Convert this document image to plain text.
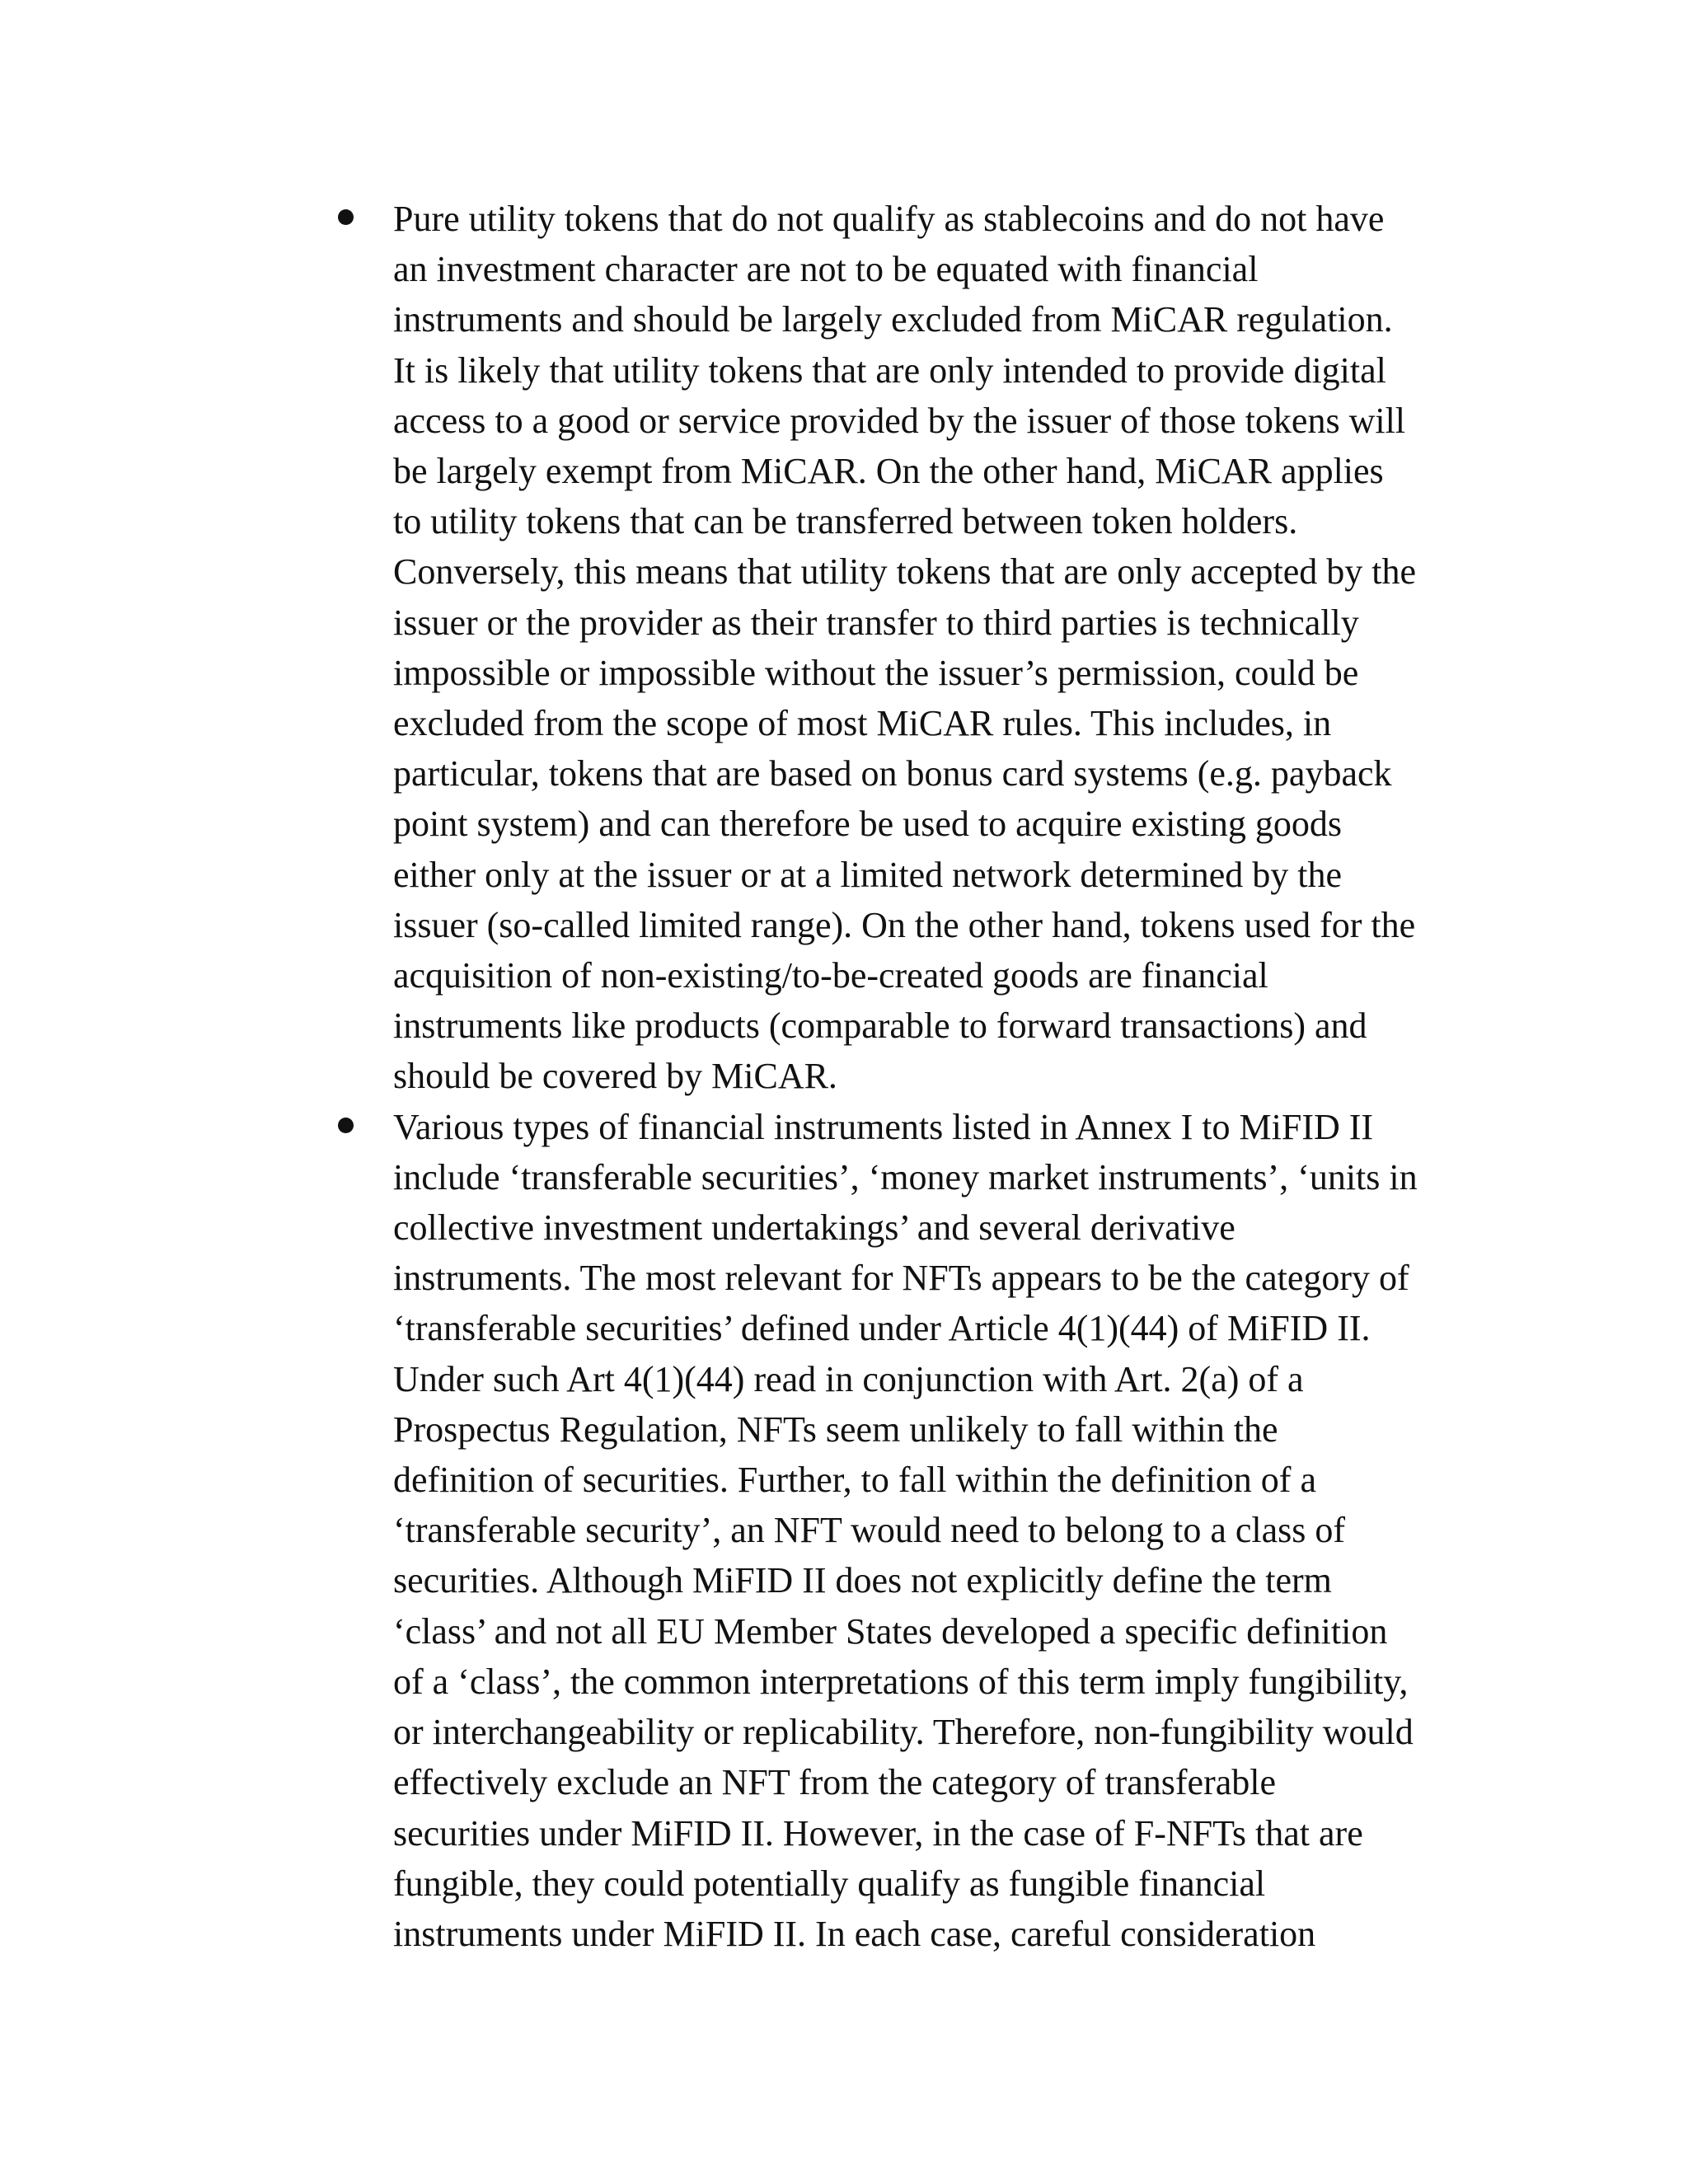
Pure utility tokens that do not qualify as stablecoins and do not have
an investment character are not to be equated with financial
instruments and should be largely excluded from MiCAR regulation.
It is likely that utility tokens that are only intended to provide digital
access to a good or service provided by the issuer of those tokens will
be largely exempt from MiCAR. On the other hand, MiCAR applies
to utility tokens that can be transferred between token holders.
Conversely, this means that utility tokens that are only accepted by the
issuer or the provider as their transfer to third parties is technically
impossible or impossible without the issuer’s permission, could be
excluded from the scope of most MiCAR rules. This includes, in
particular, tokens that are based on bonus card systems (e.g. payback
point system) and can therefore be used to acquire existing goods
either only at the issuer or at a limited network determined by the
issuer (so-called limited range). On the other hand, tokens used for the
acquisition of non-existing/to-be-created goods are financial
instruments like products (comparable to forward transactions) and
should be covered by MiCAR.
Various types of financial instruments listed in Annex I to MiFID II
include ‘transferable securities’, ‘money market instruments’, ‘units in
collective investment undertakings’ and several derivative
instruments. The most relevant for NFTs appears to be the category of
‘transferable securities’ defined under Article 4(1)(44) of MiFID II.
Under such Art 4(1)(44) read in conjunction with Art. 2(a) of a
Prospectus Regulation, NFTs seem unlikely to fall within the
definition of securities. Further, to fall within the definition of a
‘transferable security’, an NFT would need to belong to a class of
securities. Although MiFID II does not explicitly define the term
‘class’ and not all EU Member States developed a specific definition
of a ‘class’, the common interpretations of this term imply fungibility,
or interchangeability or replicability. Therefore, non-fungibility would
effectively exclude an NFT from the category of transferable
securities under MiFID II. However, in the case of F-NFTs that are
fungible, they could potentially qualify as fungible financial
instruments under MiFID II. In each case, careful consideration
